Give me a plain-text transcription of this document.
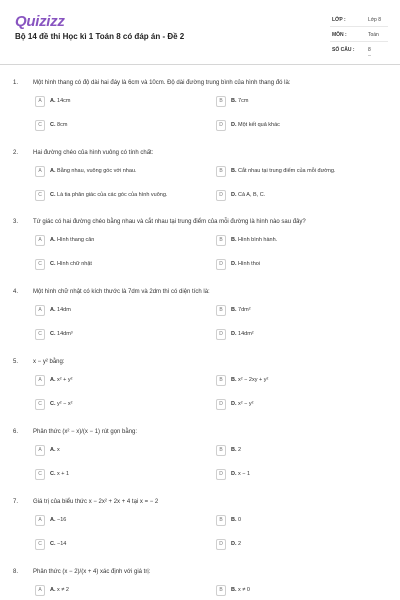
Quizizz
Bộ 14 đề thi Học kì 1 Toán 8 có đáp án - Đề 2
LỚP :	Lớp 8
MÔN :	Toán
SỐ CÂU :	8
1. Một hình thang có độ dài hai đáy là 6cm và 10cm. Độ dài đường trung bình của hình thang đó là:
A	A. 14cm	B	B. 7cm
C	C. 8cm	D	D. Một kết quả khác
2. Hai đường chéo của hình vuông có tính chất:
A	A. Bằng nhau, vuông góc với nhau.	B	B. Cắt nhau tại trung điểm của mỗi đường.
C	C. Là tia phân giác của các góc của hình vuông.	D	D. Cả A, B, C.
3. Tứ giác có hai đường chéo bằng nhau và cắt nhau tại trung điểm của mỗi đường là hình nào sau đây?
A	A. Hình thang cân	B	B. Hình bình hành.
C	C. Hình chữ nhật	D	D. Hình thoi
4. Một hình chữ nhật có kích thước là 7dm và 2dm thì có diện tích là:
A	A. 14dm	B	B. 7dm²
C	C. 14dm³	D	D. 14dm²
5. x − y² bằng:
A	A. x² + y²	B	B. x² − 2xy + y²
C	C. y² − x²	D	D. x² − y²
6. Phân thức (x² − x)/(x − 1) rút gọn bằng:
A	A. x	B	B. 2
C	C. x + 1	D	D. x − 1
7. Giá trị của biểu thức x − 2x² + 2x + 4 tại x = − 2
A	A. −16	B	B. 0
C	C. −14	D	D. 2
8. Phân thức (x − 2)/(x + 4) xác định với giá trị:
A	A. x ≠ 2	B	B. x ≠ 0
